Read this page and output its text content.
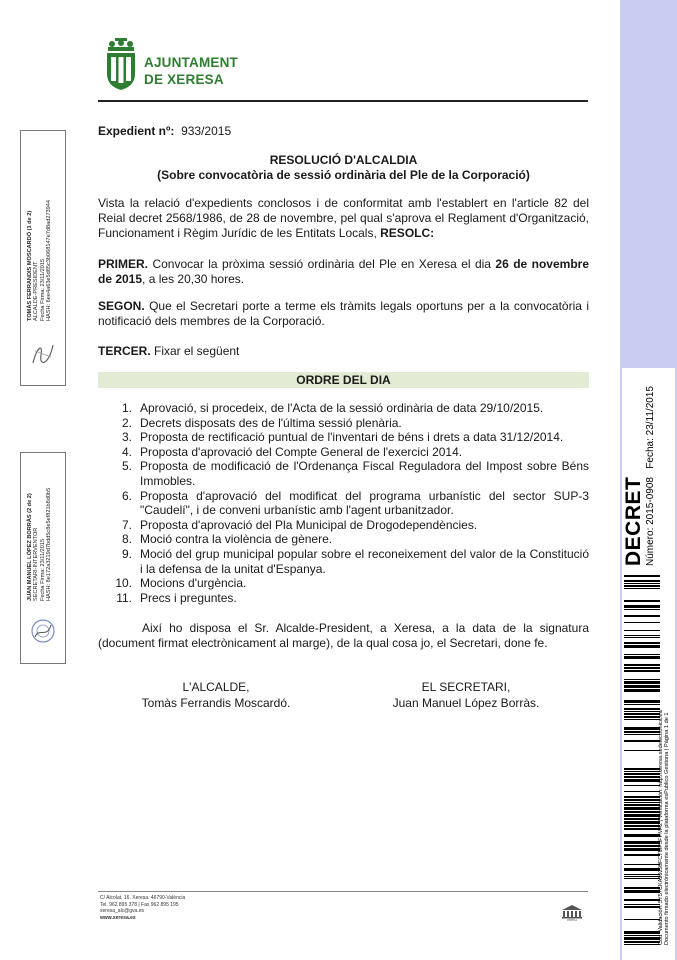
AJUNTAMENT
DE XERESA
Expedient nº: 933/2015
RESOLUCIÓ D'ALCALDIA
(Sobre convocatòria de sessió ordinària del Ple de la Corporació)
Vista la relació d'expedients conclosos i de conformitat amb l'establert en l'article 82 del Reial decret 2568/1986, de 28 de novembre, pel qual s'aprova el Reglament d'Organització, Funcionament i Règim Jurídic de les Entitats Locals, RESOLC:
PRIMER. Convocar la pròxima sessió ordinària del Ple en Xeresa el dia 26 de novembre de 2015, a les 20,30 hores.
SEGON. Que el Secretari porte a terme els tràmits legals oportuns per a la convocatòria i notificació dels membres de la Corporació.
TERCER. Fixar el següent
ORDRE DEL DIA
1. Aprovació, si procedeix, de l'Acta de la sessió ordinària de data 29/10/2015.
2. Decrets disposats des de l'última sessió plenària.
3. Proposta de rectificació puntual de l'inventari de béns i drets a data 31/12/2014.
4. Proposta d'aprovació del Compte General de l'exercici 2014.
5. Proposta de modificació de l'Ordenança Fiscal Reguladora del Impost sobre Béns Immobles.
6. Proposta d'aprovació del modificat del programa urbanístic del sector SUP-3 "Caudelí", i de conveni urbanístic amb l'agent urbanitzador.
7. Proposta d'aprovació del Pla Municipal de Drogodependències.
8. Moció contra la violència de gènere.
9. Moció del grup municipal popular sobre el reconeixement del valor de la Constitució i la defensa de la unitat d'Espanya.
10. Mocions d'urgència.
11. Precs i preguntes.
Així ho disposa el Sr. Alcalde-President, a Xeresa, a la data de la signatura (document firmat electrònicament al marge), de la qual cosa jo, el Secretari, done fe.
L'ALCALDE,
Tomàs Ferrandis Moscardó.
EL SECRETARI,
Juan Manuel López Borràs.
C/ Alcolat, 16. Xeresa. 46790-València
Tel. 962 895 378 | Fax 962 895 195
xeresa_alc@gva.es
www.xeresa.es	XERESA
TOMÀS FERRANDIS MOSCARDÓ (1 de 2) ALCALDE-PRESIDENT Fecha Firma: 23/11/2015 HASH: 6ee4a63e5d85c3b068147e7d8ad273944
JUAN MANUEL LÓPEZ BORRÀS (2 de 2) SECRETARI-INTERVENTOR Fecha Firma: 23/11/2015 HASH: 8e172a3219d7bdd5c8e5ef821b8d0b5	DECRET Número: 2015-0908   Fecha: 23/11/2015
Cód. Validación: 5Y57CKA99299FC7MP5FPM42 | Verificación: http://xeresa.sedelectronica.es/ Documento firmado electrónicamente desde la plataforma esPublico Gestiona | Página 1 de 1
